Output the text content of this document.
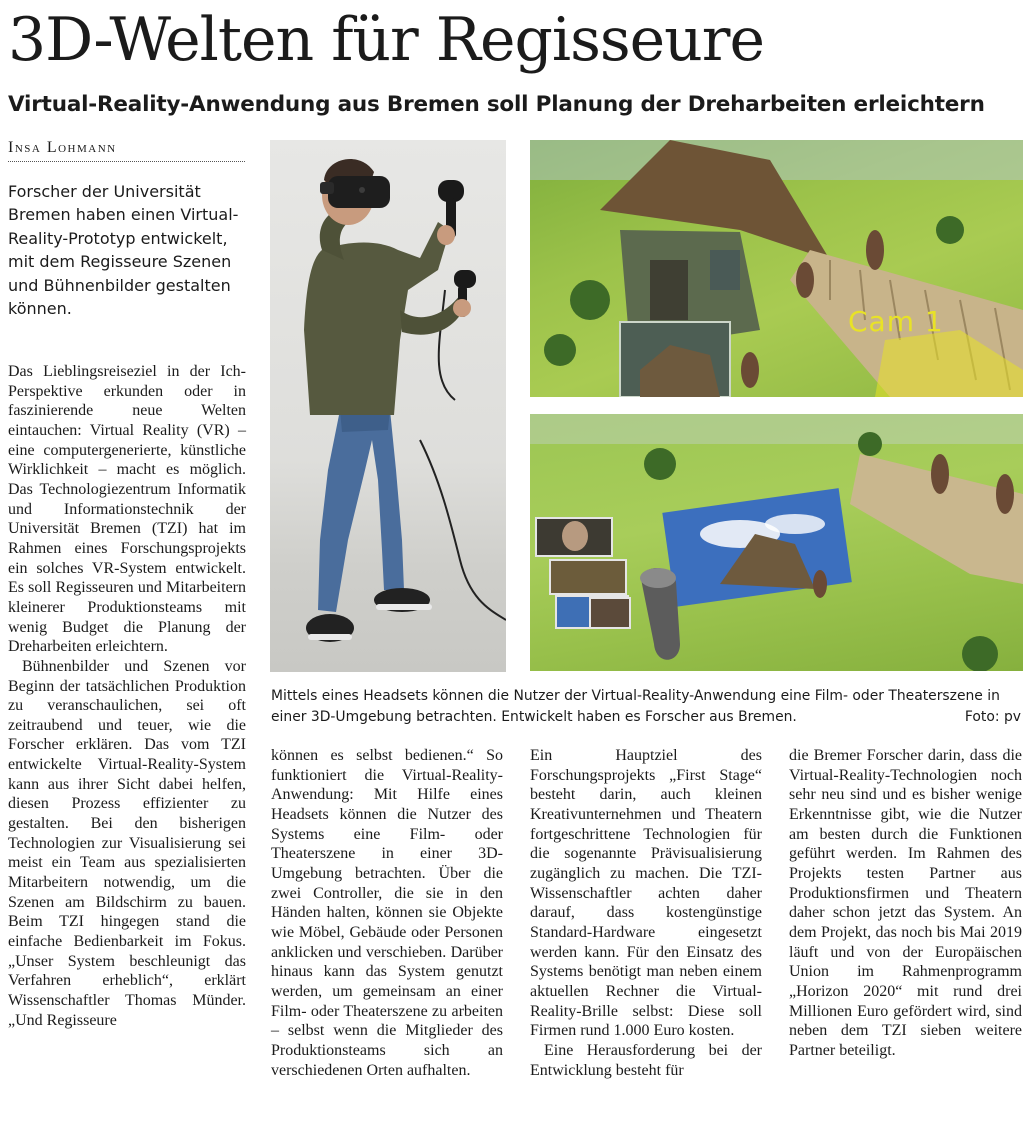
3D-Welten für Regisseure
Virtual-Reality-Anwendung aus Bremen soll Planung der Dreharbeiten erleichtern
Insa Lohmann
Forscher der Universität Bremen haben einen Virtual-Reality-Prototyp entwickelt, mit dem Regisseure Szenen und Bühnenbilder gestalten können.

Das Lieblingsreiseziel in der Ich-Perspektive erkunden oder in faszinierende neue Welten eintauchen: Virtual Reality (VR) – eine computergenerierte, künstliche Wirklichkeit – macht es möglich. Das Technologiezentrum Informatik und Informationstechnik der Universität Bremen (TZI) hat im Rahmen eines Forschungsprojekts ein solches VR-System entwickelt. Es soll Regisseuren und Mitarbeitern kleinerer Produktionsteams mit wenig Budget die Planung der Dreharbeiten erleichtern.

Bühnenbilder und Szenen vor Beginn der tatsächlichen Produktion zu veranschaulichen, sei oft zeitraubend und teuer, wie die Forscher erklären. Das vom TZI entwickelte Virtual-Reality-System kann aus ihrer Sicht dabei helfen, diesen Prozess effizienter zu gestalten. Bei den bisherigen Technologien zur Visualisierung sei meist ein Team aus spezialisierten Mitarbeitern notwendig, um die Szenen am Bildschirm zu bauen. Beim TZI hingegen stand die einfache Bedienbarkeit im Fokus. „Unser System beschleunigt das Verfahren erheblich“, erklärt Wissenschaftler Thomas Münder. „Und Regisseure

Cam 1
Mittels eines Headsets können die Nutzer der Virtual-Reality-Anwendung eine Film- oder Theaterszene in einer 3D-Umgebung betrachten. Entwickelt haben es Forscher aus Bremen.	Foto: pv

können es selbst bedienen.“ So funktioniert die Virtual-Reality-Anwendung: Mit Hilfe eines Headsets können die Nutzer des Systems eine Film- oder Theaterszene in einer 3D-Umgebung betrachten. Über die zwei Controller, die sie in den Händen halten, können sie Objekte wie Möbel, Gebäude oder Personen anklicken und verschieben. Darüber hinaus kann das System genutzt werden, um gemeinsam an einer Film- oder Theaterszene zu arbeiten – selbst wenn die Mitglieder des Produktionsteams sich an verschiedenen Orten aufhalten.

Ein Hauptziel des Forschungsprojekts „First Stage“ besteht darin, auch kleinen Kreativunternehmen und Theatern fortgeschrittene Technologien für die sogenannte Prävisualisierung zugänglich zu machen. Die TZI-Wissenschaftler achten daher darauf, dass kostengünstige Standard-Hardware eingesetzt werden kann. Für den Einsatz des Systems benötigt man neben einem aktuellen Rechner die Virtual-Reality-Brille selbst: Diese soll Firmen rund 1.000 Euro kosten.

Eine Herausforderung bei der Entwicklung besteht für

die Bremer Forscher darin, dass die Virtual-Reality-Technologien noch sehr neu sind und es bisher wenige Erkenntnisse gibt, wie die Nutzer am besten durch die Funktionen geführt werden. Im Rahmen des Projekts testen Partner aus Produktionsfirmen und Theatern daher schon jetzt das System. An dem Projekt, das noch bis Mai 2019 läuft und von der Europäischen Union im Rahmenprogramm „Horizon 2020“ mit rund drei Millionen Euro gefördert wird, sind neben dem TZI sieben weitere Partner beteiligt.
